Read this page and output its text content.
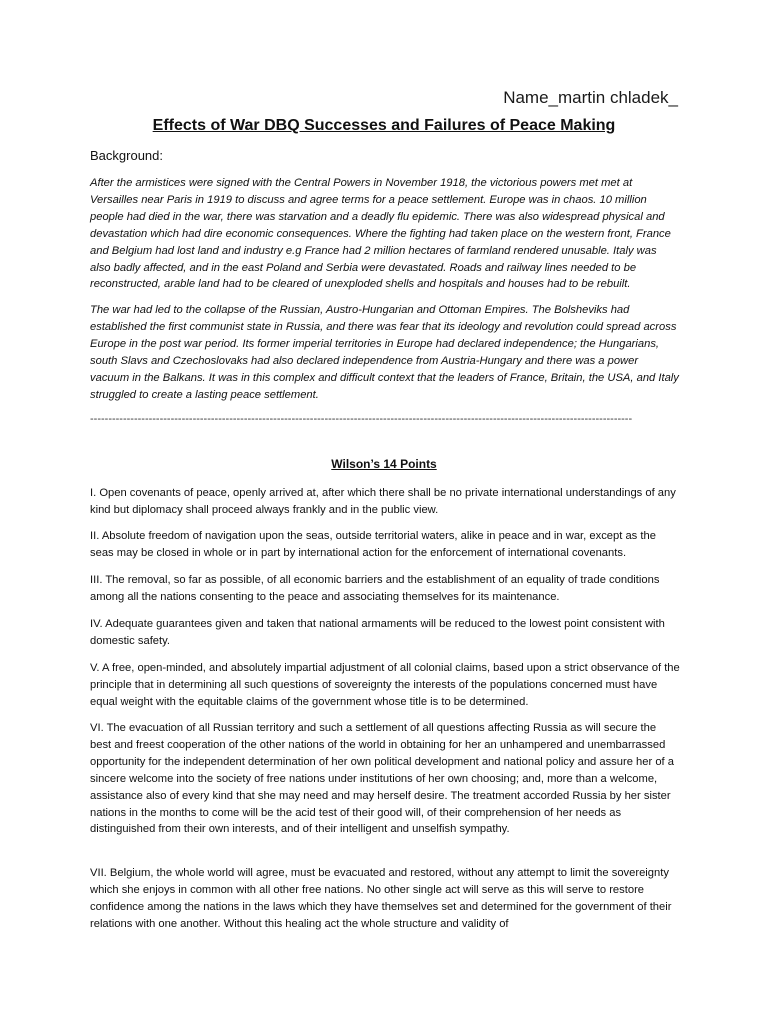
Name_martin chladek_
Effects of War DBQ Successes and Failures of Peace Making
Background:

After the armistices were signed with the Central Powers in November 1918, the victorious powers met met at Versailles near Paris in 1919 to discuss and agree terms for a peace settlement. Europe was in chaos. 10 million people had died in the war, there was starvation and a deadly flu epidemic. There was also widespread physical and devastation which had dire economic consequences. Where the fighting had taken place on the western front, France and Belgium had lost land and industry e.g France had 2 million hectares of farmland rendered unusable. Italy was also badly affected, and in the east Poland and Serbia were devastated. Roads and railway lines needed to be reconstructed, arable land had to be cleared of unexploded shells and hospitals and houses had to be rebuilt.

The war had led to the collapse of the Russian, Austro-Hungarian and Ottoman Empires. The Bolsheviks had established the first communist state in Russia, and there was fear that its ideology and revolution could spread across Europe in the post war period. Its former imperial territories in Europe had declared independence; the Hungarians, south Slavs and Czechoslovaks had also declared independence from Austria-Hungary and there was a power vacuum in the Balkans. It was in this complex and difficult context that the leaders of France, Britain, the USA, and Italy struggled to create a lasting peace settlement.

----------------------------------------------------------------------------------------------------------------------------------------------------
Wilson’s 14 Points

I. Open covenants of peace, openly arrived at, after which there shall be no private international understandings of any kind but diplomacy shall proceed always frankly and in the public view.

II. Absolute freedom of navigation upon the seas, outside territorial waters, alike in peace and in war, except as the seas may be closed in whole or in part by international action for the enforcement of international covenants.

III. The removal, so far as possible, of all economic barriers and the establishment of an equality of trade conditions among all the nations consenting to the peace and associating themselves for its maintenance.

IV. Adequate guarantees given and taken that national armaments will be reduced to the lowest point consistent with domestic safety.

V. A free, open-minded, and absolutely impartial adjustment of all colonial claims, based upon a strict observance of the principle that in determining all such questions of sovereignty the interests of the populations concerned must have equal weight with the equitable claims of the government whose title is to be determined.

VI. The evacuation of all Russian territory and such a settlement of all questions affecting Russia as will secure the best and freest cooperation of the other nations of the world in obtaining for her an unhampered and unembarrassed opportunity for the independent determination of her own political development and national policy and assure her of a sincere welcome into the society of free nations under institutions of her own choosing; and, more than a welcome, assistance also of every kind that she may need and may herself desire. The treatment accorded Russia by her sister nations in the months to come will be the acid test of their good will, of their comprehension of her needs as distinguished from their own interests, and of their intelligent and unselfish sympathy.

VII. Belgium, the whole world will agree, must be evacuated and restored, without any attempt to limit the sovereignty which she enjoys in common with all other free nations. No other single act will serve as this will serve to restore confidence among the nations in the laws which they have themselves set and determined for the government of their relations with one another. Without this healing act the whole structure and validity of
